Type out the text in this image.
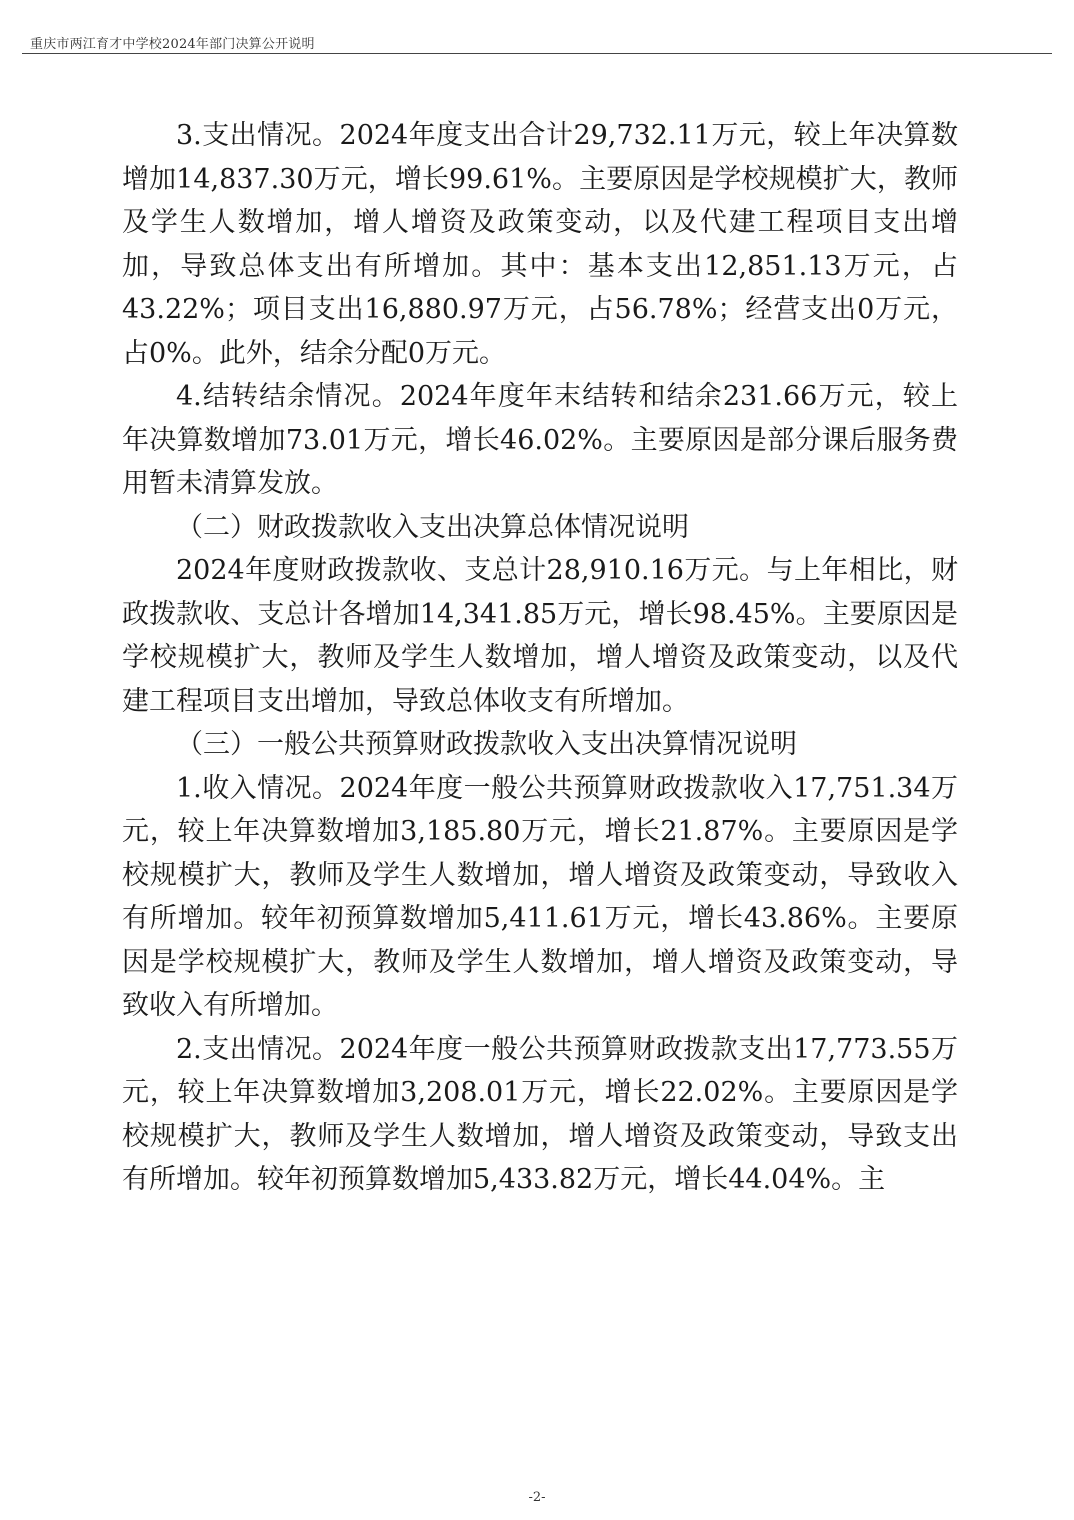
重庆市两江育才中学校2024年部门决算公开说明

3.支出情况。2024年度支出合计29,732.11万元，较上年决算数增加14,837.30万元，增长99.61%。主要原因是学校规模扩大，教师及学生人数增加，增人增资及政策变动，以及代建工程项目支出增加，导致总体支出有所增加。其中：基本支出12,851.13万元，占43.22%；项目支出16,880.97万元，占56.78%；经营支出0万元，占0%。此外，结余分配0万元。

4.结转结余情况。2024年度年末结转和结余231.66万元，较上年决算数增加73.01万元，增长46.02%。主要原因是部分课后服务费用暂未清算发放。

（二）财政拨款收入支出决算总体情况说明

2024年度财政拨款收、支总计28,910.16万元。与上年相比，财政拨款收、支总计各增加14,341.85万元，增长98.45%。主要原因是学校规模扩大，教师及学生人数增加，增人增资及政策变动，以及代建工程项目支出增加，导致总体收支有所增加。

（三）一般公共预算财政拨款收入支出决算情况说明

1.收入情况。2024年度一般公共预算财政拨款收入17,751.34万元，较上年决算数增加3,185.80万元，增长21.87%。主要原因是学校规模扩大，教师及学生人数增加，增人增资及政策变动，导致收入有所增加。较年初预算数增加5,411.61万元，增长43.86%。主要原因是学校规模扩大，教师及学生人数增加，增人增资及政策变动，导致收入有所增加。

2.支出情况。2024年度一般公共预算财政拨款支出17,773.55万元，较上年决算数增加3,208.01万元，增长22.02%。主要原因是学校规模扩大，教师及学生人数增加，增人增资及政策变动，导致支出有所增加。较年初预算数增加5,433.82万元，增长44.04%。主

-2-
